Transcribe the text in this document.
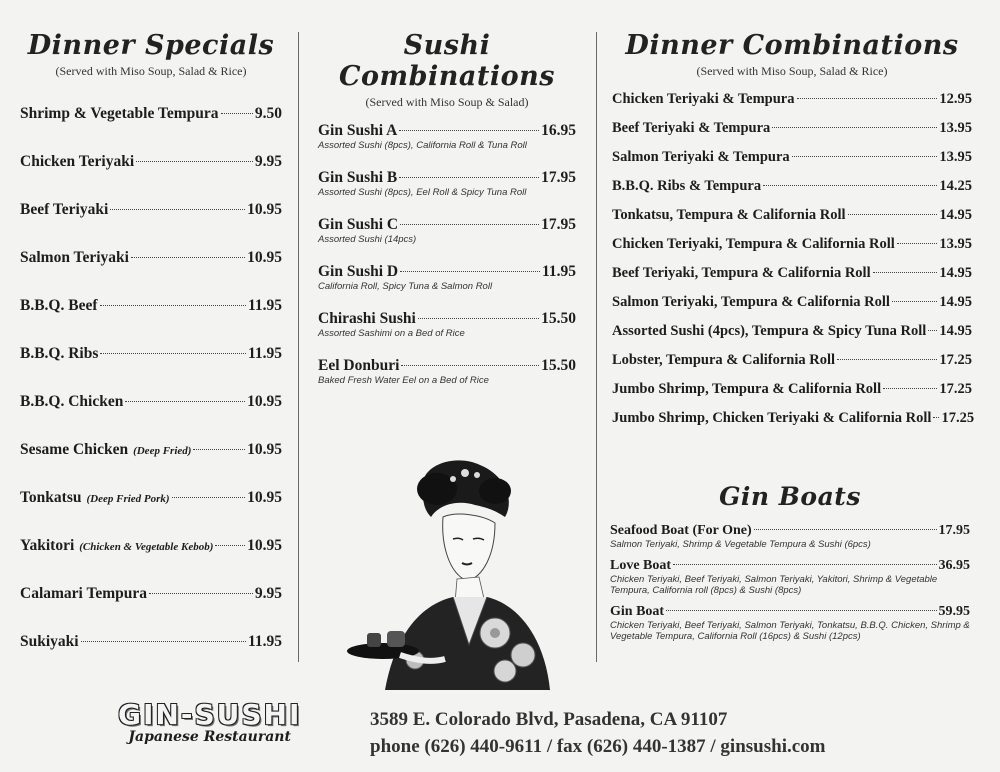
Dinner Specials
(Served with Miso Soup, Salad & Rice)
Shrimp & Vegetable Tempura 9.50
Chicken Teriyaki	9.95
Beef Teriyaki	10.95
Salmon Teriyaki	10.95
B.B.Q. Beef	11.95
B.B.Q. Ribs	11.95
B.B.Q. Chicken	10.95
Sesame Chicken (Deep Fried)	10.95
Tonkatsu (Deep Fried Pork)	10.95
Yakitori (Chicken & Vegetable Kebob) 10.95
Calamari Tempura	9.95
Sukiyaki	11.95
Sushi Combinations
(Served with Miso Soup & Salad)
Gin Sushi A	16.95
Assorted Sushi (8pcs), California Roll & Tuna Roll
Gin Sushi B	17.95
Assorted Sushi (8pcs), Eel Roll & Spicy Tuna Roll
Gin Sushi C	17.95
Assorted Sushi (14pcs)
Gin Sushi D	11.95
California Roll, Spicy Tuna & Salmon Roll
Chirashi Sushi	15.50
Assorted Sashimi on a Bed of Rice
Eel Donburi	15.50
Baked Fresh Water Eel on a Bed of Rice
Dinner Combinations
(Served with Miso Soup, Salad & Rice)
Chicken Teriyaki & Tempura	12.95
Beef Teriyaki & Tempura	13.95
Salmon Teriyaki & Tempura	13.95
B.B.Q. Ribs & Tempura	14.25
Tonkatsu, Tempura & California Roll	14.95
Chicken Teriyaki, Tempura & California Roll	13.95
Beef Teriyaki, Tempura & California Roll	14.95
Salmon Teriyaki, Tempura & California Roll	14.95
Assorted Sushi (4pcs), Tempura & Spicy Tuna Roll 14.95
Lobster, Tempura & California Roll	17.25
Jumbo Shrimp, Tempura & California Roll	17.25
Jumbo Shrimp, Chicken Teriyaki & California Roll 17.25
Gin Boats
Seafood Boat (For One)	17.95
Salmon Teriyaki, Shrimp & Vegetable Tempura & Sushi (6pcs)
Love Boat	36.95
Chicken Teriyaki, Beef Teriyaki, Salmon Teriyaki, Yakitori, Shrimp & Vegetable Tempura, California roll (8pcs) & Sushi (8pcs)
Gin Boat	59.95
Chicken Teriyaki, Beef Teriyaki, Salmon Teriyaki, Tonkatsu, B.B.Q. Chicken, Shrimp & Vegetable Tempura, California Roll (16pcs) & Sushi (12pcs)
GIN-SUSHI
Japanese Restaurant
3589 E. Colorado Blvd, Pasadena, CA 91107
phone (626) 440-9611 / fax (626) 440-1387 / ginsushi.com
